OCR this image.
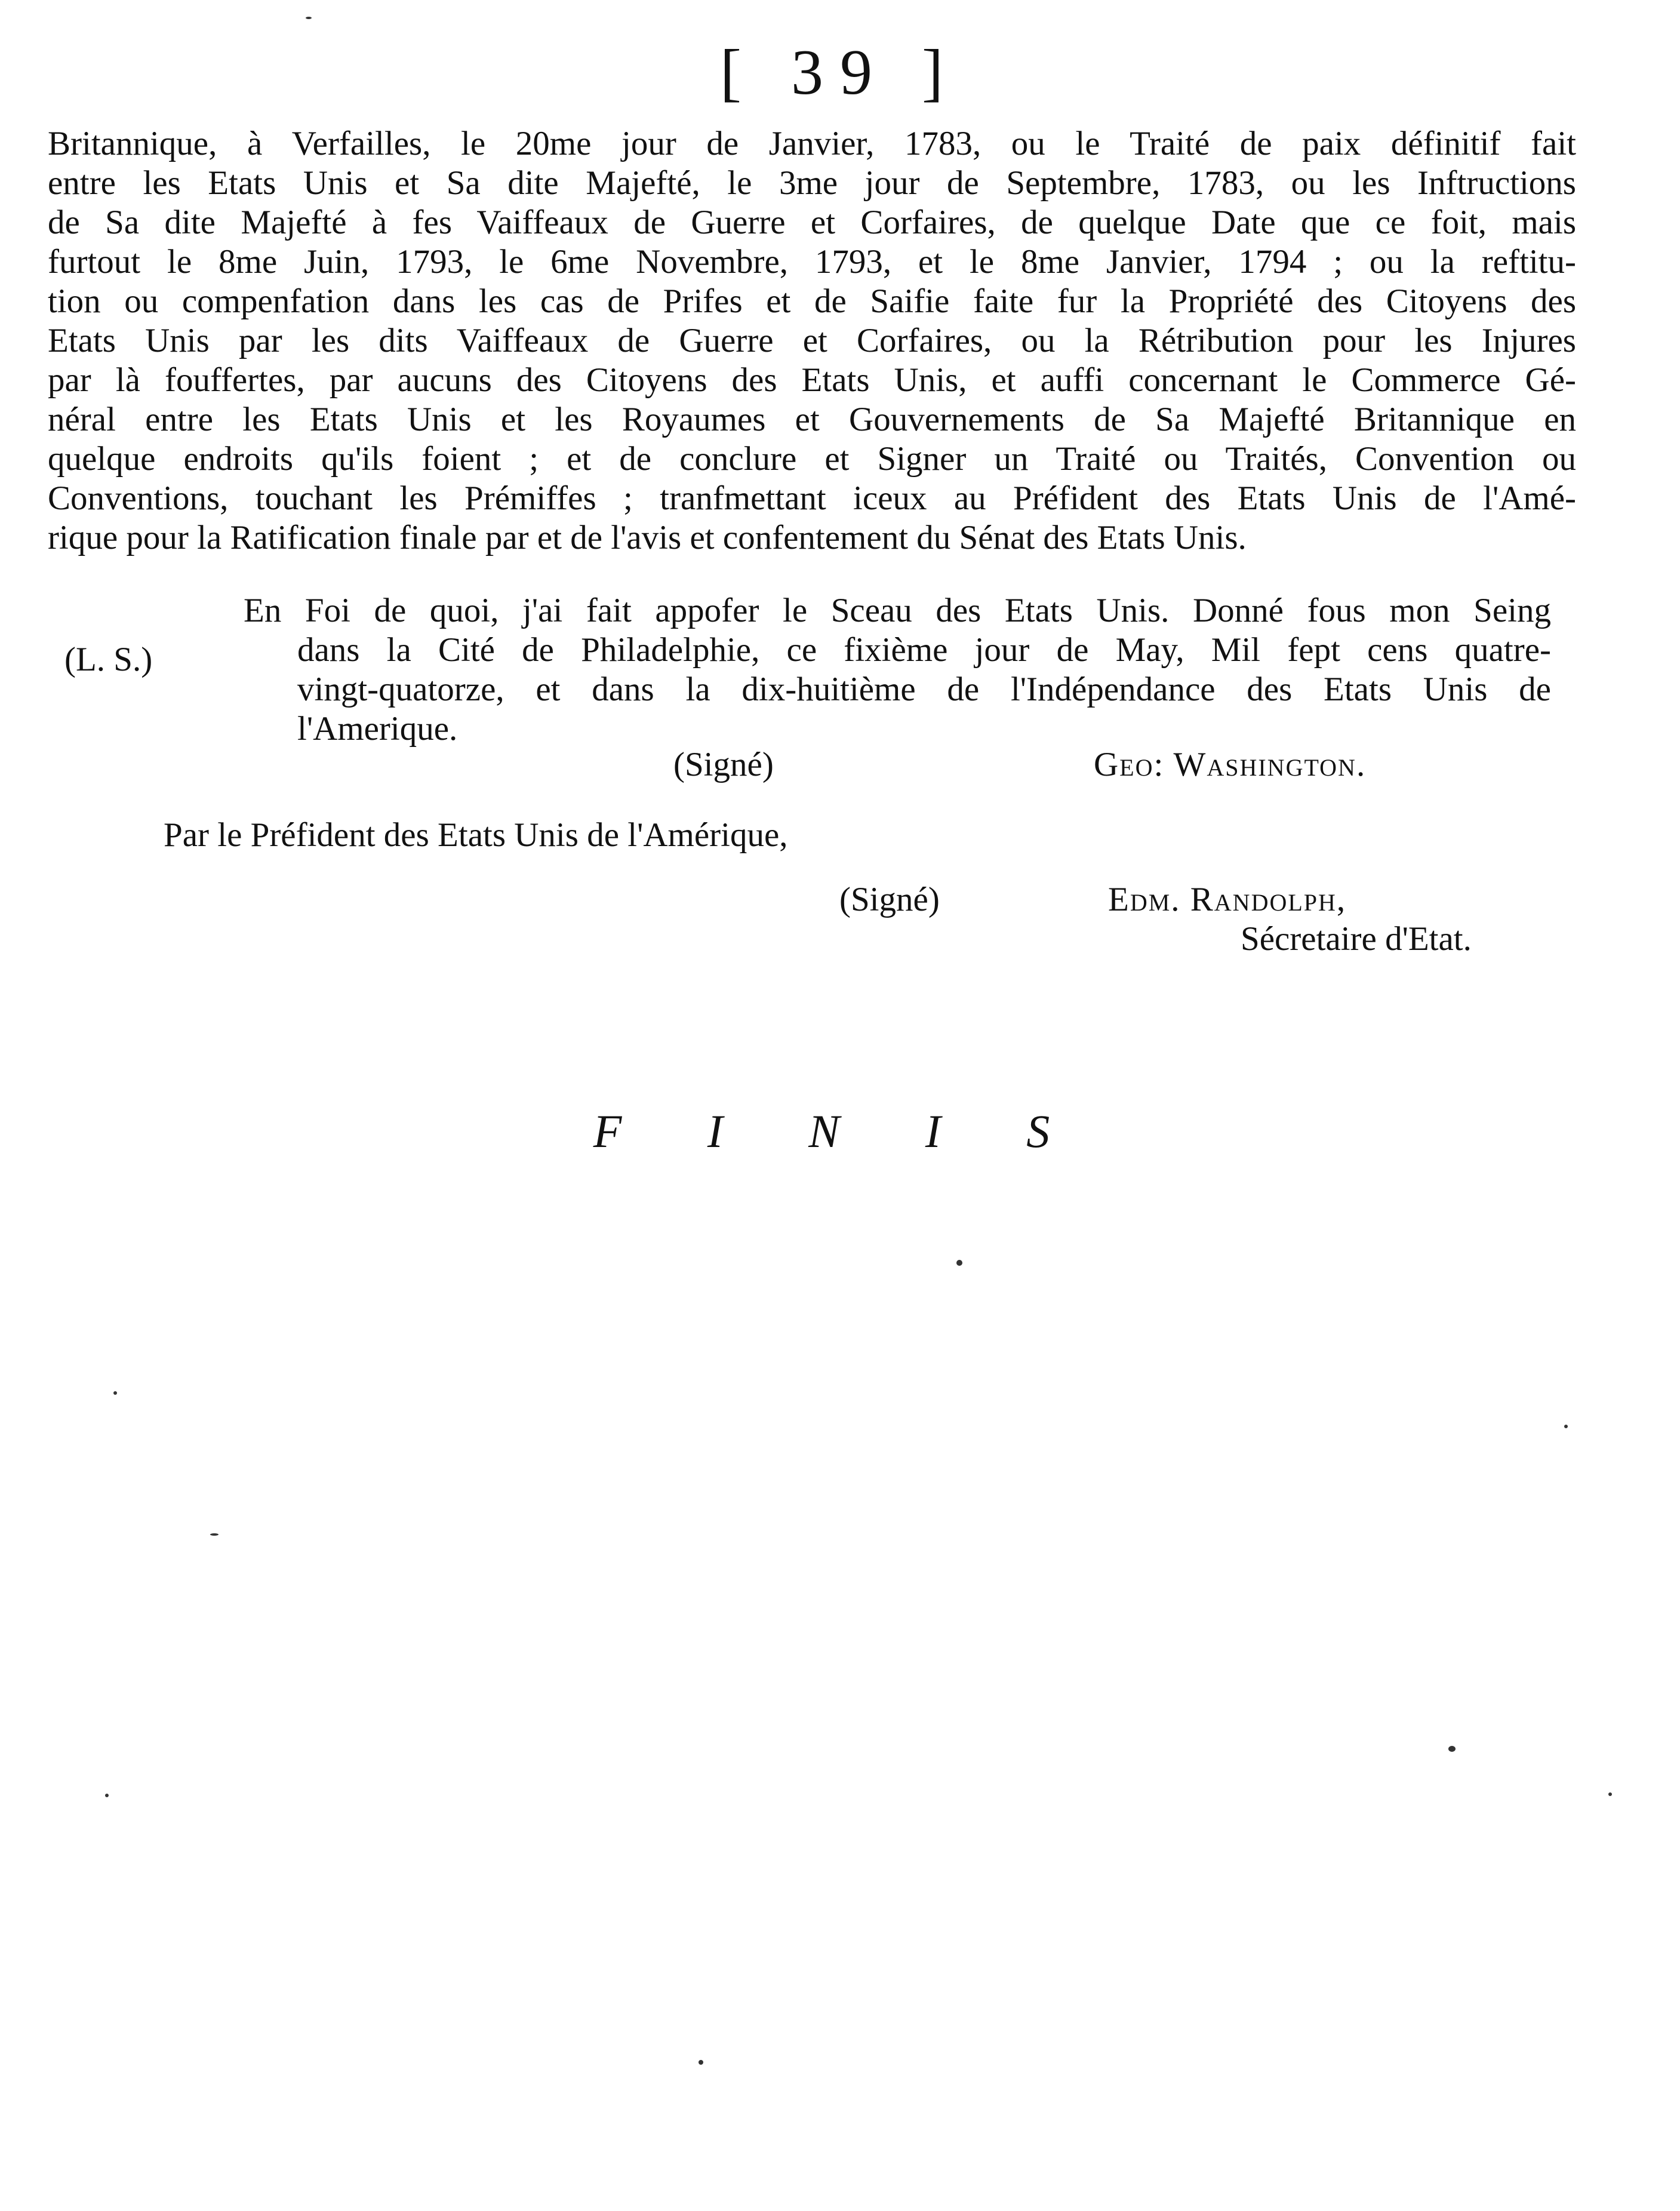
[ 39 ]
Britannique, à Verfailles, le 20me jour de Janvier, 1783, ou le Traité de paix définitif fait
entre les Etats Unis et Sa dite Majefté, le 3me jour de Septembre, 1783, ou les Inftructions
de Sa dite Majefté à fes Vaiffeaux de Guerre et Corfaires, de quelque Date que ce foit, mais
furtout le 8me Juin, 1793, le 6me Novembre, 1793, et le 8me Janvier, 1794 ; ou la reftitu-
tion ou compenfation dans les cas de Prifes et de Saifie faite fur la Propriété des Citoyens des
Etats Unis par les dits Vaiffeaux de Guerre et Corfaires, ou la Rétribution pour les Injures
par là fouffertes, par aucuns des Citoyens des Etats Unis, et auffi concernant le Commerce Gé-
néral entre les Etats Unis et les Royaumes et Gouvernements de Sa Majefté Britannique en
quelque endroits qu'ils foient ; et de conclure et Signer un Traité ou Traités, Convention ou
Conventions, touchant les Prémiffes ; tranfmettant iceux au Préfident des Etats Unis de l'Amé-
rique pour la Ratification finale par et de l'avis et confentement du Sénat des Etats Unis.
(L. S.)
En Foi de quoi, j'ai fait appofer le Sceau des Etats Unis. Donné fous mon Seing
dans la Cité de Philadelphie, ce fixième jour de May, Mil fept cens quatre-
vingt-quatorze, et dans la dix-huitième de l'Indépendance des Etats Unis de
l'Amerique.
(Signé)	Geo: Washington.
Par le Préfident des Etats Unis de l'Amérique,
(Signé)	Edm. Randolph,
Sécretaire d'Etat.
F I N I S
